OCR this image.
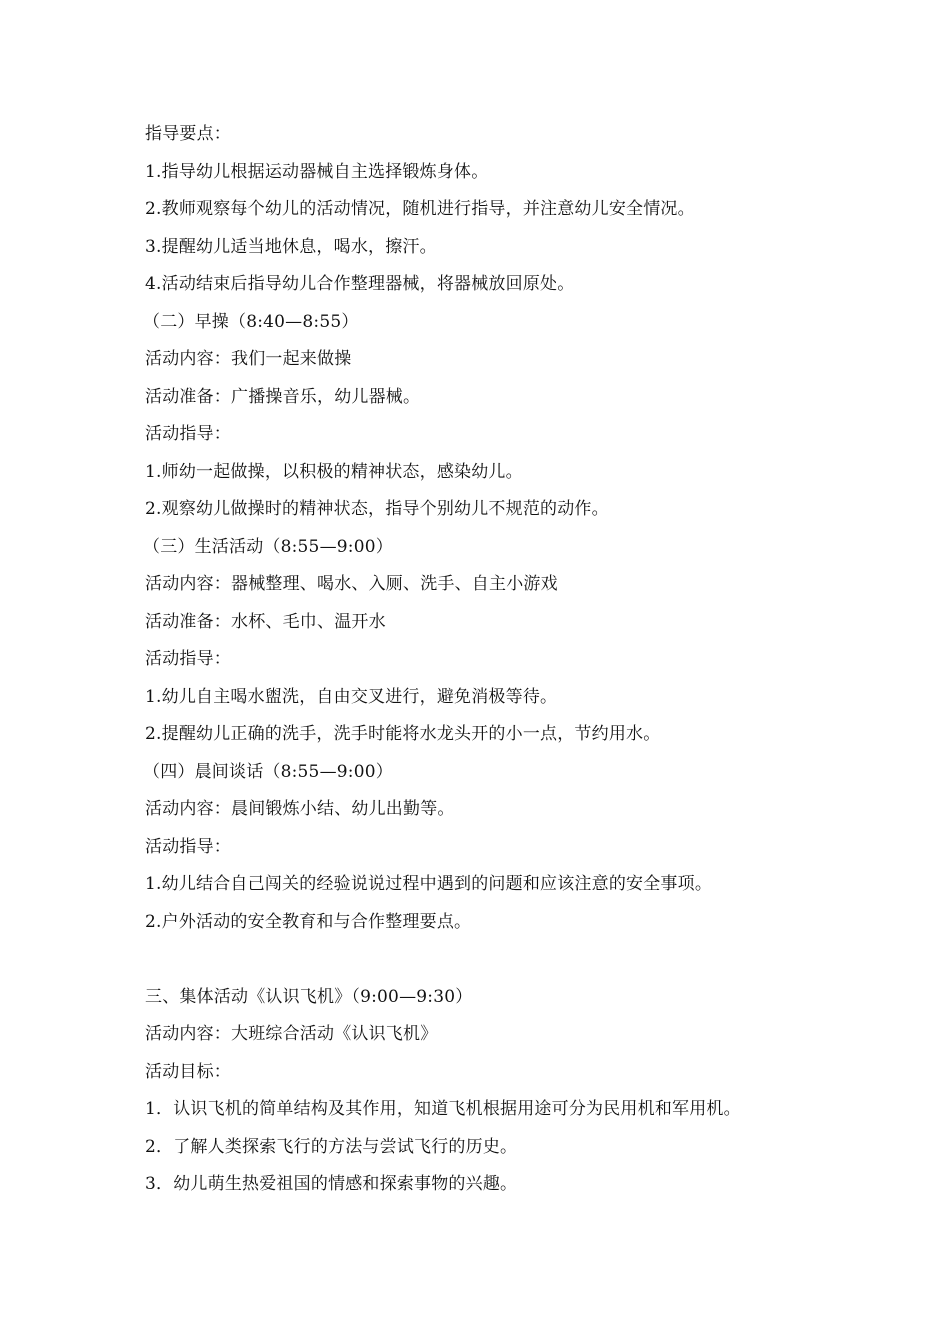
指导要点：
1.指导幼儿根据运动器械自主选择锻炼身体。
2.教师观察每个幼儿的活动情况，随机进行指导，并注意幼儿安全情况。
3.提醒幼儿适当地休息，喝水，擦汗。
4.活动结束后指导幼儿合作整理器械，将器械放回原处。
（二）早操（8:40—8:55）
活动内容：我们一起来做操
活动准备：广播操音乐，幼儿器械。
活动指导：
1.师幼一起做操，以积极的精神状态，感染幼儿。
2.观察幼儿做操时的精神状态，指导个别幼儿不规范的动作。
（三）生活活动（8:55—9:00）
活动内容：器械整理、喝水、入厕、洗手、自主小游戏
活动准备：水杯、毛巾、温开水
活动指导：
1.幼儿自主喝水盥洗，自由交叉进行，避免消极等待。
2.提醒幼儿正确的洗手，洗手时能将水龙头开的小一点，节约用水。
（四）晨间谈话（8:55—9:00）
活动内容：晨间锻炼小结、幼儿出勤等。
活动指导：
1.幼儿结合自己闯关的经验说说过程中遇到的问题和应该注意的安全事项。
2.户外活动的安全教育和与合作整理要点。
三、集体活动《认识飞机》（9:00—9:30）
活动内容：大班综合活动《认识飞机》
活动目标：
1．认识飞机的简单结构及其作用，知道飞机根据用途可分为民用机和军用机。
2．了解人类探索飞行的方法与尝试飞行的历史。
3．幼儿萌生热爱祖国的情感和探索事物的兴趣。
